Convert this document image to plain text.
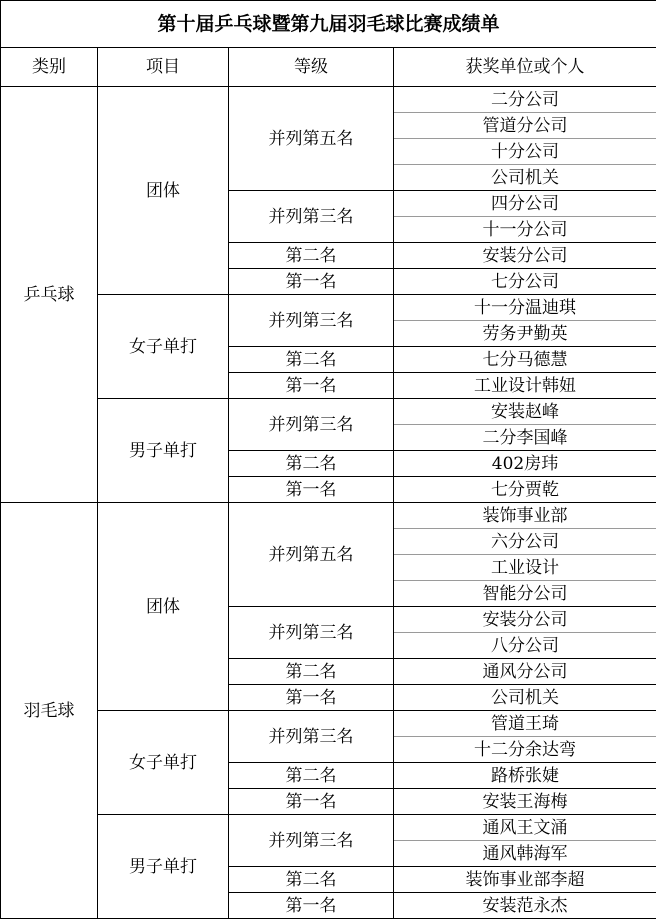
第十届乒乓球暨第九届羽毛球比赛成绩单			
类别	项目	等级	获奖单位或个人
乒乓球	团体	并列第五名	二分公司
			管道分公司
			十分公司
			公司机关
		并列第三名	四分公司
			十一分公司
		第二名	安装分公司
		第一名	七分公司
	女子单打	并列第三名	十一分温迪琪
			劳务尹勤英
		第二名	七分马德慧
		第一名	工业设计韩妞
	男子单打	并列第三名	安装赵峰
			二分李国峰
		第二名	402房玮
		第一名	七分贾乾
羽毛球	团体	并列第五名	装饰事业部
			六分公司
			工业设计
			智能分公司
		并列第三名	安装分公司
			八分公司
		第二名	通风分公司
		第一名	公司机关
	女子单打	并列第三名	管道王琦
			十二分余达弯
		第二名	路桥张婕
		第一名	安装王海梅
	男子单打	并列第三名	通风王文涌
			通风韩海军
		第二名	装饰事业部李超
		第一名	安装范永杰
